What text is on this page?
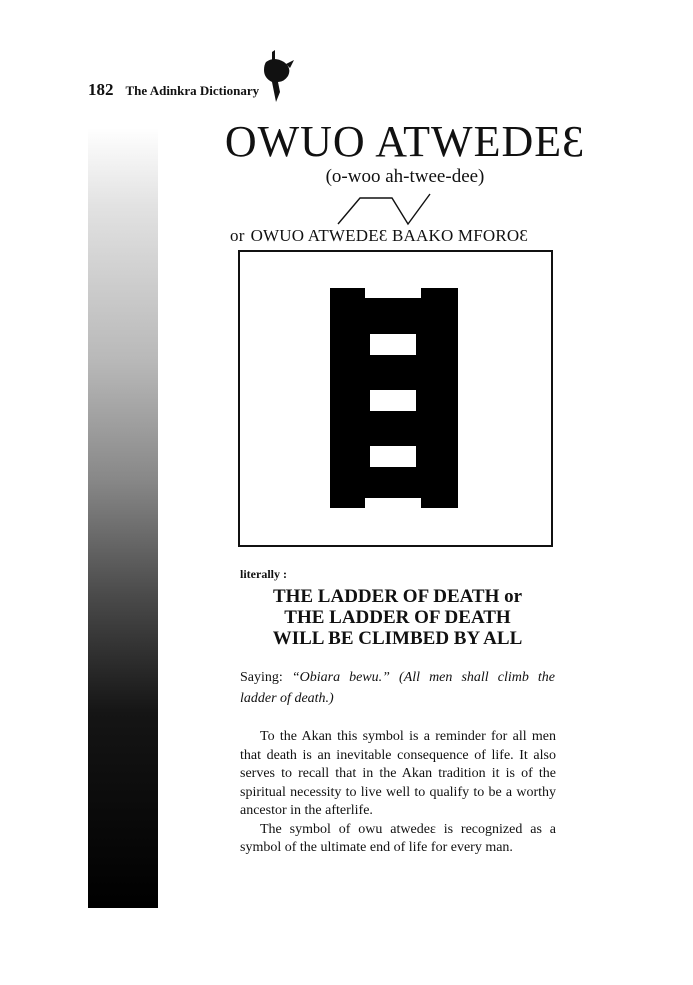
182 The Adinkra Dictionary
OWUO ATWEDEƐ
(o-woo ah-twee-dee)
or OWUO ATWEDEƐ BAAKO MFOROƐ
literally :
THE LADDER OF DEATH or
THE LADDER OF DEATH
WILL BE CLIMBED BY ALL
Saying: “Obiara bewu.” (All men shall climb the ladder of death.)

To the Akan this symbol is a reminder for all men that death is an inevitable consequence of life. It also serves to recall that in the Akan tradition it is of the spiritual necessity to live well to qualify to be a worthy ancestor in the afterlife.

The symbol of owu atwedeɛ is recognized as a symbol of the ultimate end of life for every man.
